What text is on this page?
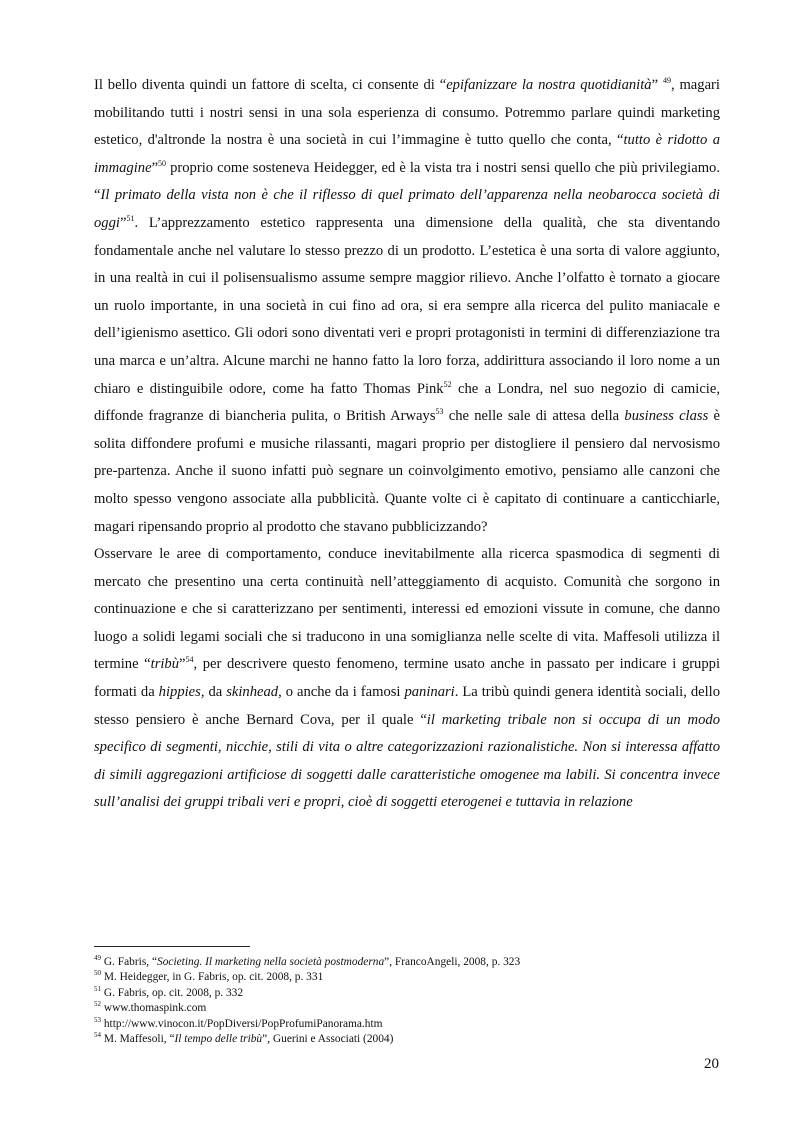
Il bello diventa quindi un fattore di scelta, ci consente di “epifanizzare la nostra quotidianità” $^{49}$, magari mobilitando tutti i nostri sensi in una sola esperienza di consumo. Potremmo parlare quindi marketing estetico, d'altronde la nostra è una società in cui l’immagine è tutto quello che conta, “tutto è ridotto a immagine”$^{50}$ proprio come sosteneva Heidegger, ed è la vista tra i nostri sensi quello che più privilegiamo. “Il primato della vista non è che il riflesso di quel primato dell’apparenza nella neobarocca società di oggi”$^{51}$. L’apprezzamento estetico rappresenta una dimensione della qualità, che sta diventando fondamentale anche nel valutare lo stesso prezzo di un prodotto. L’estetica è una sorta di valore aggiunto, in una realtà in cui il polisensualismo assume sempre maggior rilievo. Anche l’olfatto è tornato a giocare un ruolo importante, in una società in cui fino ad ora, si era sempre alla ricerca del pulito maniacale e dell’igienismo asettico. Gli odori sono diventati veri e propri protagonisti in termini di differenziazione tra una marca e un’altra. Alcune marchi ne hanno fatto la loro forza, addirittura associando il loro nome a un chiaro e distinguibile odore, come ha fatto Thomas Pink$^{52}$ che a Londra, nel suo negozio di camicie, diffonde fragranze di biancheria pulita, o British Arways$^{53}$ che nelle sale di attesa della business class è solita diffondere profumi e musiche rilassanti, magari proprio per distogliere il pensiero dal nervosismo pre-partenza. Anche il suono infatti può segnare un coinvolgimento emotivo, pensiamo alle canzoni che molto spesso vengono associate alla pubblicità. Quante volte ci è capitato di continuare a canticchiarle, magari ripensando proprio al prodotto che stavano pubblicizzando?

Osservare le aree di comportamento, conduce inevitabilmente alla ricerca spasmodica di segmenti di mercato che presentino una certa continuità nell’atteggiamento di acquisto. Comunità che sorgono in continuazione e che si caratterizzano per sentimenti, interessi ed emozioni vissute in comune, che danno luogo a solidi legami sociali che si traducono in una somiglianza nelle scelte di vita. Maffesoli utilizza il termine “tribù”$^{54}$, per descrivere questo fenomeno, termine usato anche in passato per indicare i gruppi formati da hippies, da skinhead, o anche da i famosi paninari. La tribù quindi genera identità sociali, dello stesso pensiero è anche Bernard Cova, per il quale “il marketing tribale non si occupa di un modo specifico di segmenti, nicchie, stili di vita o altre categorizzazioni razionalistiche. Non si interessa affatto di simili aggregazioni artificiose di soggetti dalle caratteristiche omogenee ma labili. Si concentra invece sull’analisi dei gruppi tribali veri e propri, cioè di soggetti eterogenei e tuttavia in relazione

$^{49}$ G. Fabris, “Societing. Il marketing nella società postmoderna”, FrancoAngeli, 2008, p. 323
$^{50}$ M. Heidegger, in G. Fabris, op. cit. 2008, p. 331
$^{51}$ G. Fabris, op. cit. 2008, p. 332
$^{52}$ www.thomaspink.com
$^{53}$ http://www.vinocon.it/PopDiversi/PopProfumiPanorama.htm
$^{54}$ M. Maffesoli, “Il tempo delle tribù”, Guerini e Associati (2004)
20
